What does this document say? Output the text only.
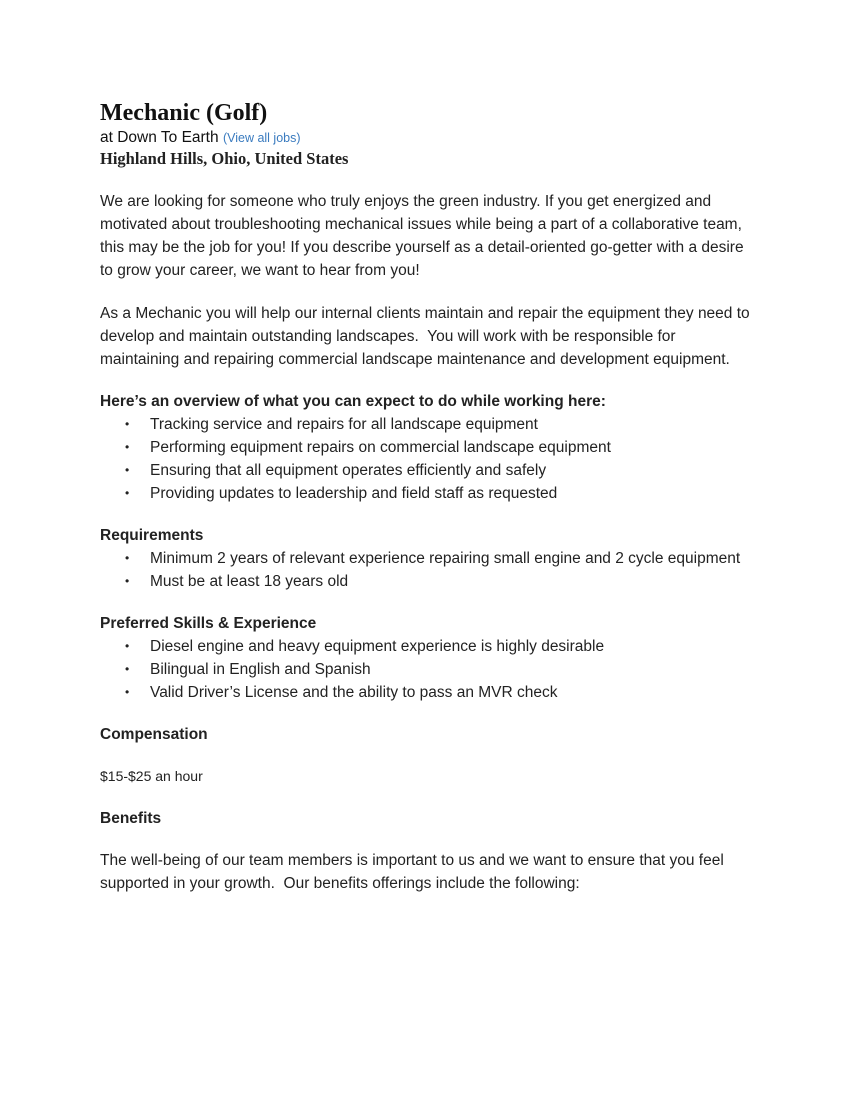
Mechanic (Golf)

at Down To Earth (View all jobs)

Highland Hills, Ohio, United States

We are looking for someone who truly enjoys the green industry. If you get energized and motivated about troubleshooting mechanical issues while being a part of a collaborative team, this may be the job for you! If you describe yourself as a detail-oriented go-getter with a desire to grow your career, we want to hear from you!

As a Mechanic you will help our internal clients maintain and repair the equipment they need to develop and maintain outstanding landscapes.  You will work with be responsible for maintaining and repairing commercial landscape maintenance and development equipment.

Here’s an overview of what you can expect to do while working here:

• Tracking service and repairs for all landscape equipment
• Performing equipment repairs on commercial landscape equipment
• Ensuring that all equipment operates efficiently and safely
• Providing updates to leadership and field staff as requested

Requirements

• Minimum 2 years of relevant experience repairing small engine and 2 cycle equipment
• Must be at least 18 years old

Preferred Skills & Experience

• Diesel engine and heavy equipment experience is highly desirable
• Bilingual in English and Spanish
• Valid Driver’s License and the ability to pass an MVR check

Compensation

$15-$25 an hour

Benefits

The well-being of our team members is important to us and we want to ensure that you feel supported in your growth.  Our benefits offerings include the following:
